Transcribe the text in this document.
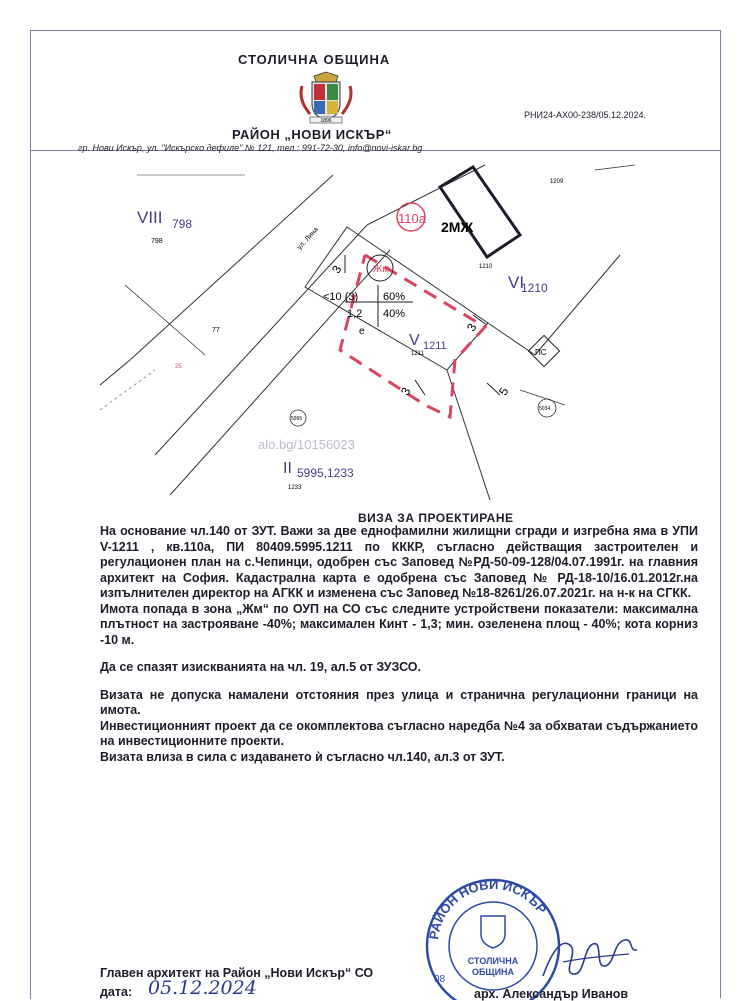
СТОЛИЧНА ОБЩИНА
1896
РАЙОН „НОВИ ИСКЪР“
гр. Нови Искър, ул. "Искърско дефиле" № 121, тел.: 991-72-30, info@novi-iskar.bg
РНИ24-АХ00-238/05.12.2024.
ул. Лина
VIII 798
798
77
25
110а
2МЖ
1210
VI
1210
Жм
<10 (3) 60%
1,2 40%
е
V 1211
1211
3
3
3	5
ПС
5995
5034
II 5995,1233
1233
1209
alo.bg/10156023
ВИЗА ЗА ПРОЕКТИРАНЕ

На основание чл.140 от ЗУТ. Важи за две еднофамилни жилищни сгради и изгребна яма в УПИ V-1211 , кв.110а, ПИ 80409.5995.1211 по КККР, съгласно действащия застроителен и регулационен план на с.Чепинци, одобрен със Заповед №РД-50-09-128/04.07.1991г. на главния архитект на София. Кадастрална карта е одобрена със Заповед № РД-18-10/16.01.2012г.на изпълнителен директор на АГКК и изменена със Заповед №18-8261/26.07.2021г. на н-к на СГКК.

Имота попада в зона „Жм“ по ОУП на СО със следните устройствени показатели: максимална плътност на застрояване -40%; максимален Кинт - 1,3; мин. озеленена площ - 40%; кота корниз -10 м.

Да се спазят изискванията на чл. 19, ал.5 от ЗУЗСО.

Визата не допуска намалени отстояния през улица и странична регулационни граници на имота.

Инвестиционният проект да се окомплектова съгласно наредба №4 за обхватаи съдържанието на инвестиционните проекти.

Визата влиза в сила с издаването ѝ съгласно чл.140, ал.3 от ЗУТ.

РАЙОН НОВИ ИСКЪР
СТОЛИЧНА
ОБЩИНА
08
Главен архитект на Район „Нови Искър“ СО
дата: 05.12.2024	арх. Александър Иванов
